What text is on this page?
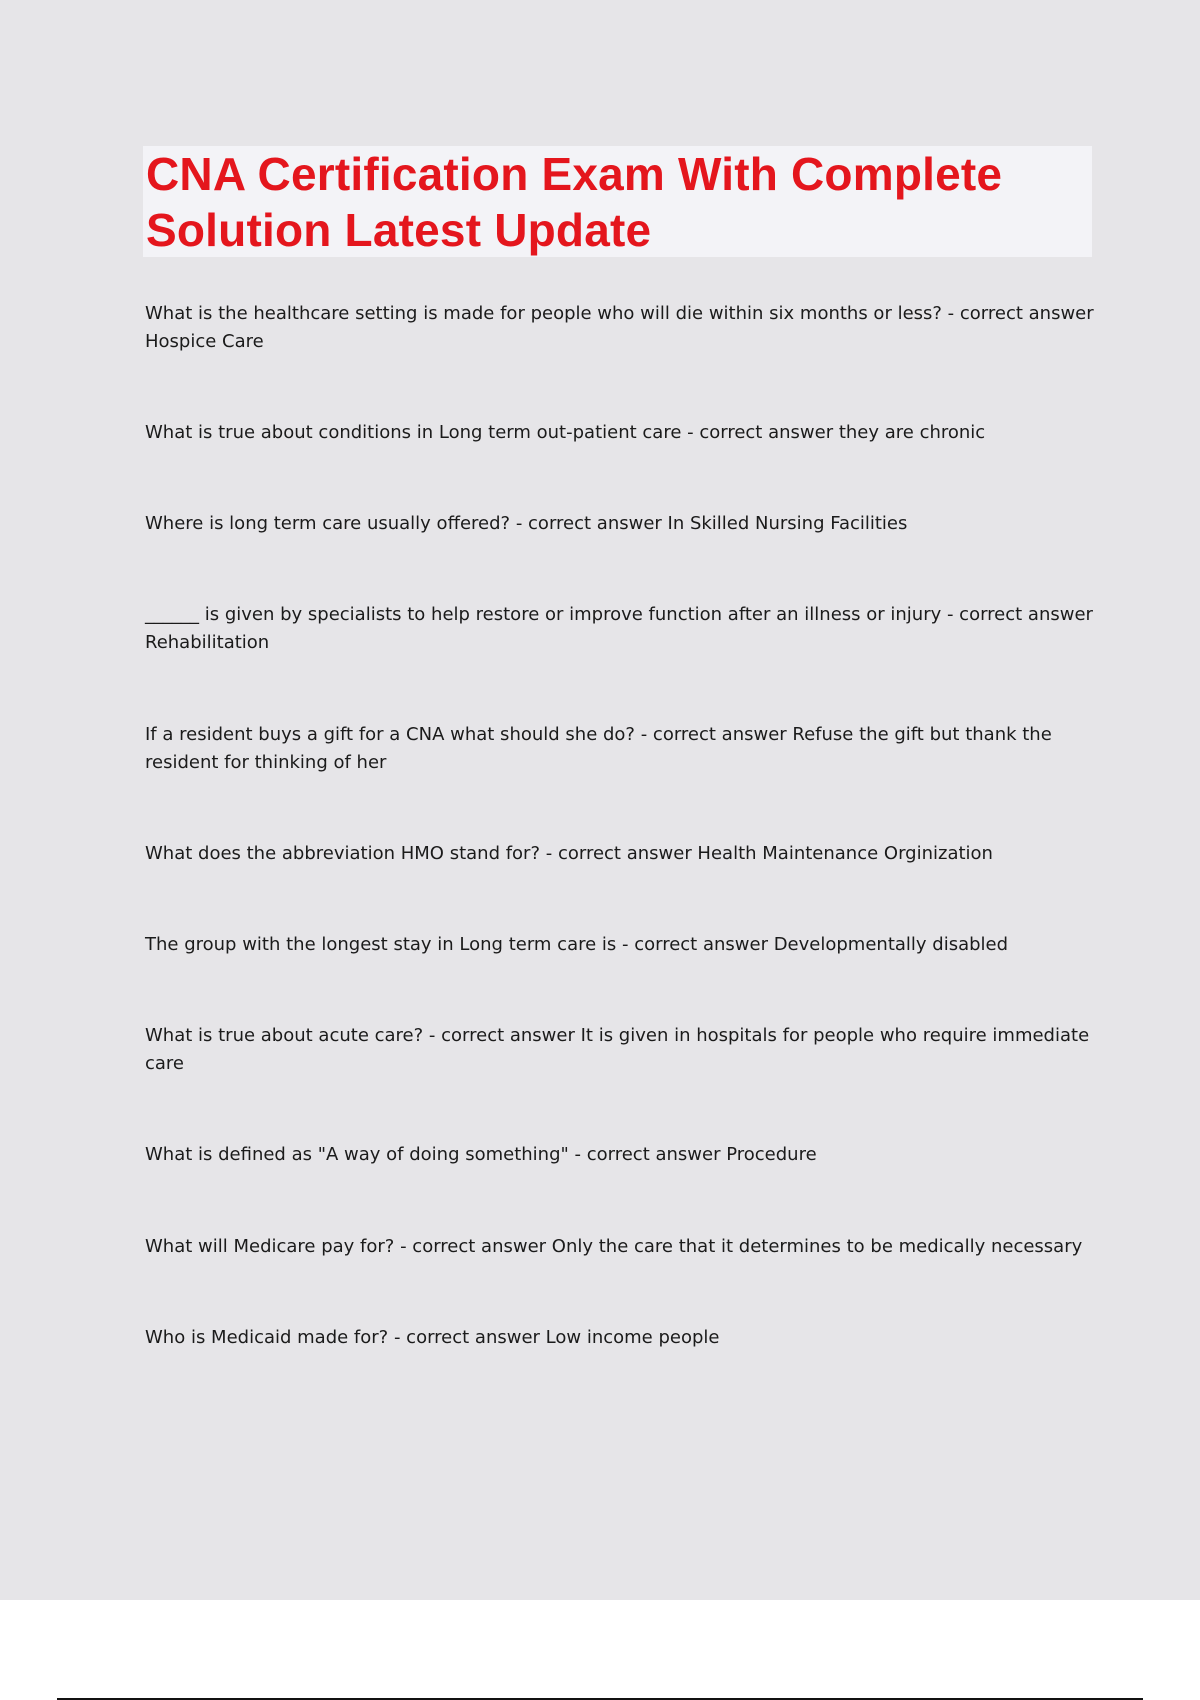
CNA Certification Exam With Complete Solution Latest Update
What is the healthcare setting is made for people who will die within six months or less? - correct answer Hospice Care
What is true about conditions in Long term out-patient care - correct answer they are chronic
Where is long term care usually offered? - correct answer In Skilled Nursing Facilities
______ is given by specialists to help restore or improve function after an illness or injury - correct answer Rehabilitation
If a resident buys a gift for a CNA what should she do? - correct answer Refuse the gift but thank the resident for thinking of her
What does the abbreviation HMO stand for? - correct answer Health Maintenance Orginization
The group with the longest stay in Long term care is - correct answer Developmentally disabled
What is true about acute care? - correct answer It is given in hospitals for people who require immediate care
What is defined as "A way of doing something" - correct answer Procedure
What will Medicare pay for? - correct answer Only the care that it determines to be medically necessary
Who is Medicaid made for? - correct answer Low income people
